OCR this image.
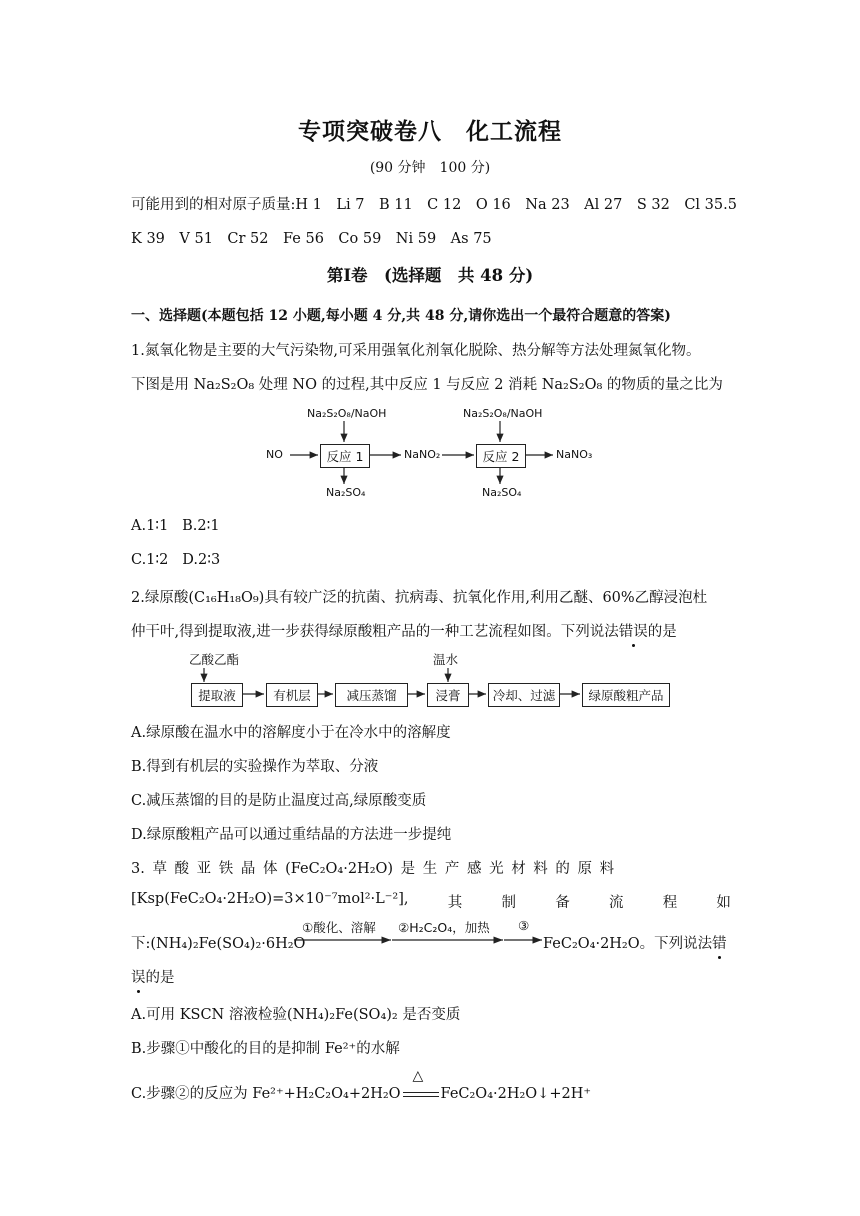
专项突破卷八　化工流程
(90 分钟　100 分)
可能用到的相对原子质量:H 1　Li 7　B 11　C 12　O 16　Na 23　Al 27　S 32　Cl 35.5
K 39　V 51　Cr 52　Fe 56　Co 59　Ni 59　As 75
第Ⅰ卷　(选择题　共 48 分)
一、选择题(本题包括 12 小题,每小题 4 分,共 48 分,请你选出一个最符合题意的答案)
1.氮氧化物是主要的大气污染物,可采用强氧化剂氧化脱除、热分解等方法处理氮氧化物。
下图是用 Na₂S₂O₈ 处理 NO 的过程,其中反应 1 与反应 2 消耗 Na₂S₂O₈ 的物质的量之比为
Na₂S₂O₈/NaOH	Na₂S₂O₈/NaOH
NO	反应 1	NaNO₂	反应 2	NaNO₃
Na₂SO₄	Na₂SO₄
A.1∶1 B.2∶1
C.1∶2 D.2∶3
2.绿原酸(C₁₆H₁₈O₉)具有较广泛的抗菌、抗病毒、抗氧化作用,利用乙醚、60%乙醇浸泡杜
仲干叶,得到提取液,进一步获得绿原酸粗产品的一种工艺流程如图。下列说法错误的是
乙酸乙酯	温水
提取液	有机层	减压蒸馏	浸膏	冷却、过滤	绿原酸粗产品
A.绿原酸在温水中的溶解度小于在冷水中的溶解度
B.得到有机层的实验操作为萃取、分液
C.减压蒸馏的目的是防止温度过高,绿原酸变质
D.绿原酸粗产品可以通过重结晶的方法进一步提纯
3. 草 酸 亚 铁 晶 体 (FeC₂O₄·2H₂O) 是 生 产 感 光 材 料 的 原 料
[Ksp(FeC₂O₄·2H₂O)=3×10⁻⁷mol²·L⁻²],	其	制	备	流	程	如
下:(NH₄)₂Fe(SO₄)₂·6H₂O
①酸化、溶解 ②H₂C₂O₄，加热 ③
FeC₂O₄·2H₂O。下列说法错
误的是
A.可用 KSCN 溶液检验(NH₄)₂Fe(SO₄)₂ 是否变质
B.步骤①中酸化的目的是抑制 Fe²⁺的水解
C.步骤②的反应为 Fe²⁺+H₂C₂O₄+2H₂O
△
FeC₂O₄·2H₂O↓+2H⁺
